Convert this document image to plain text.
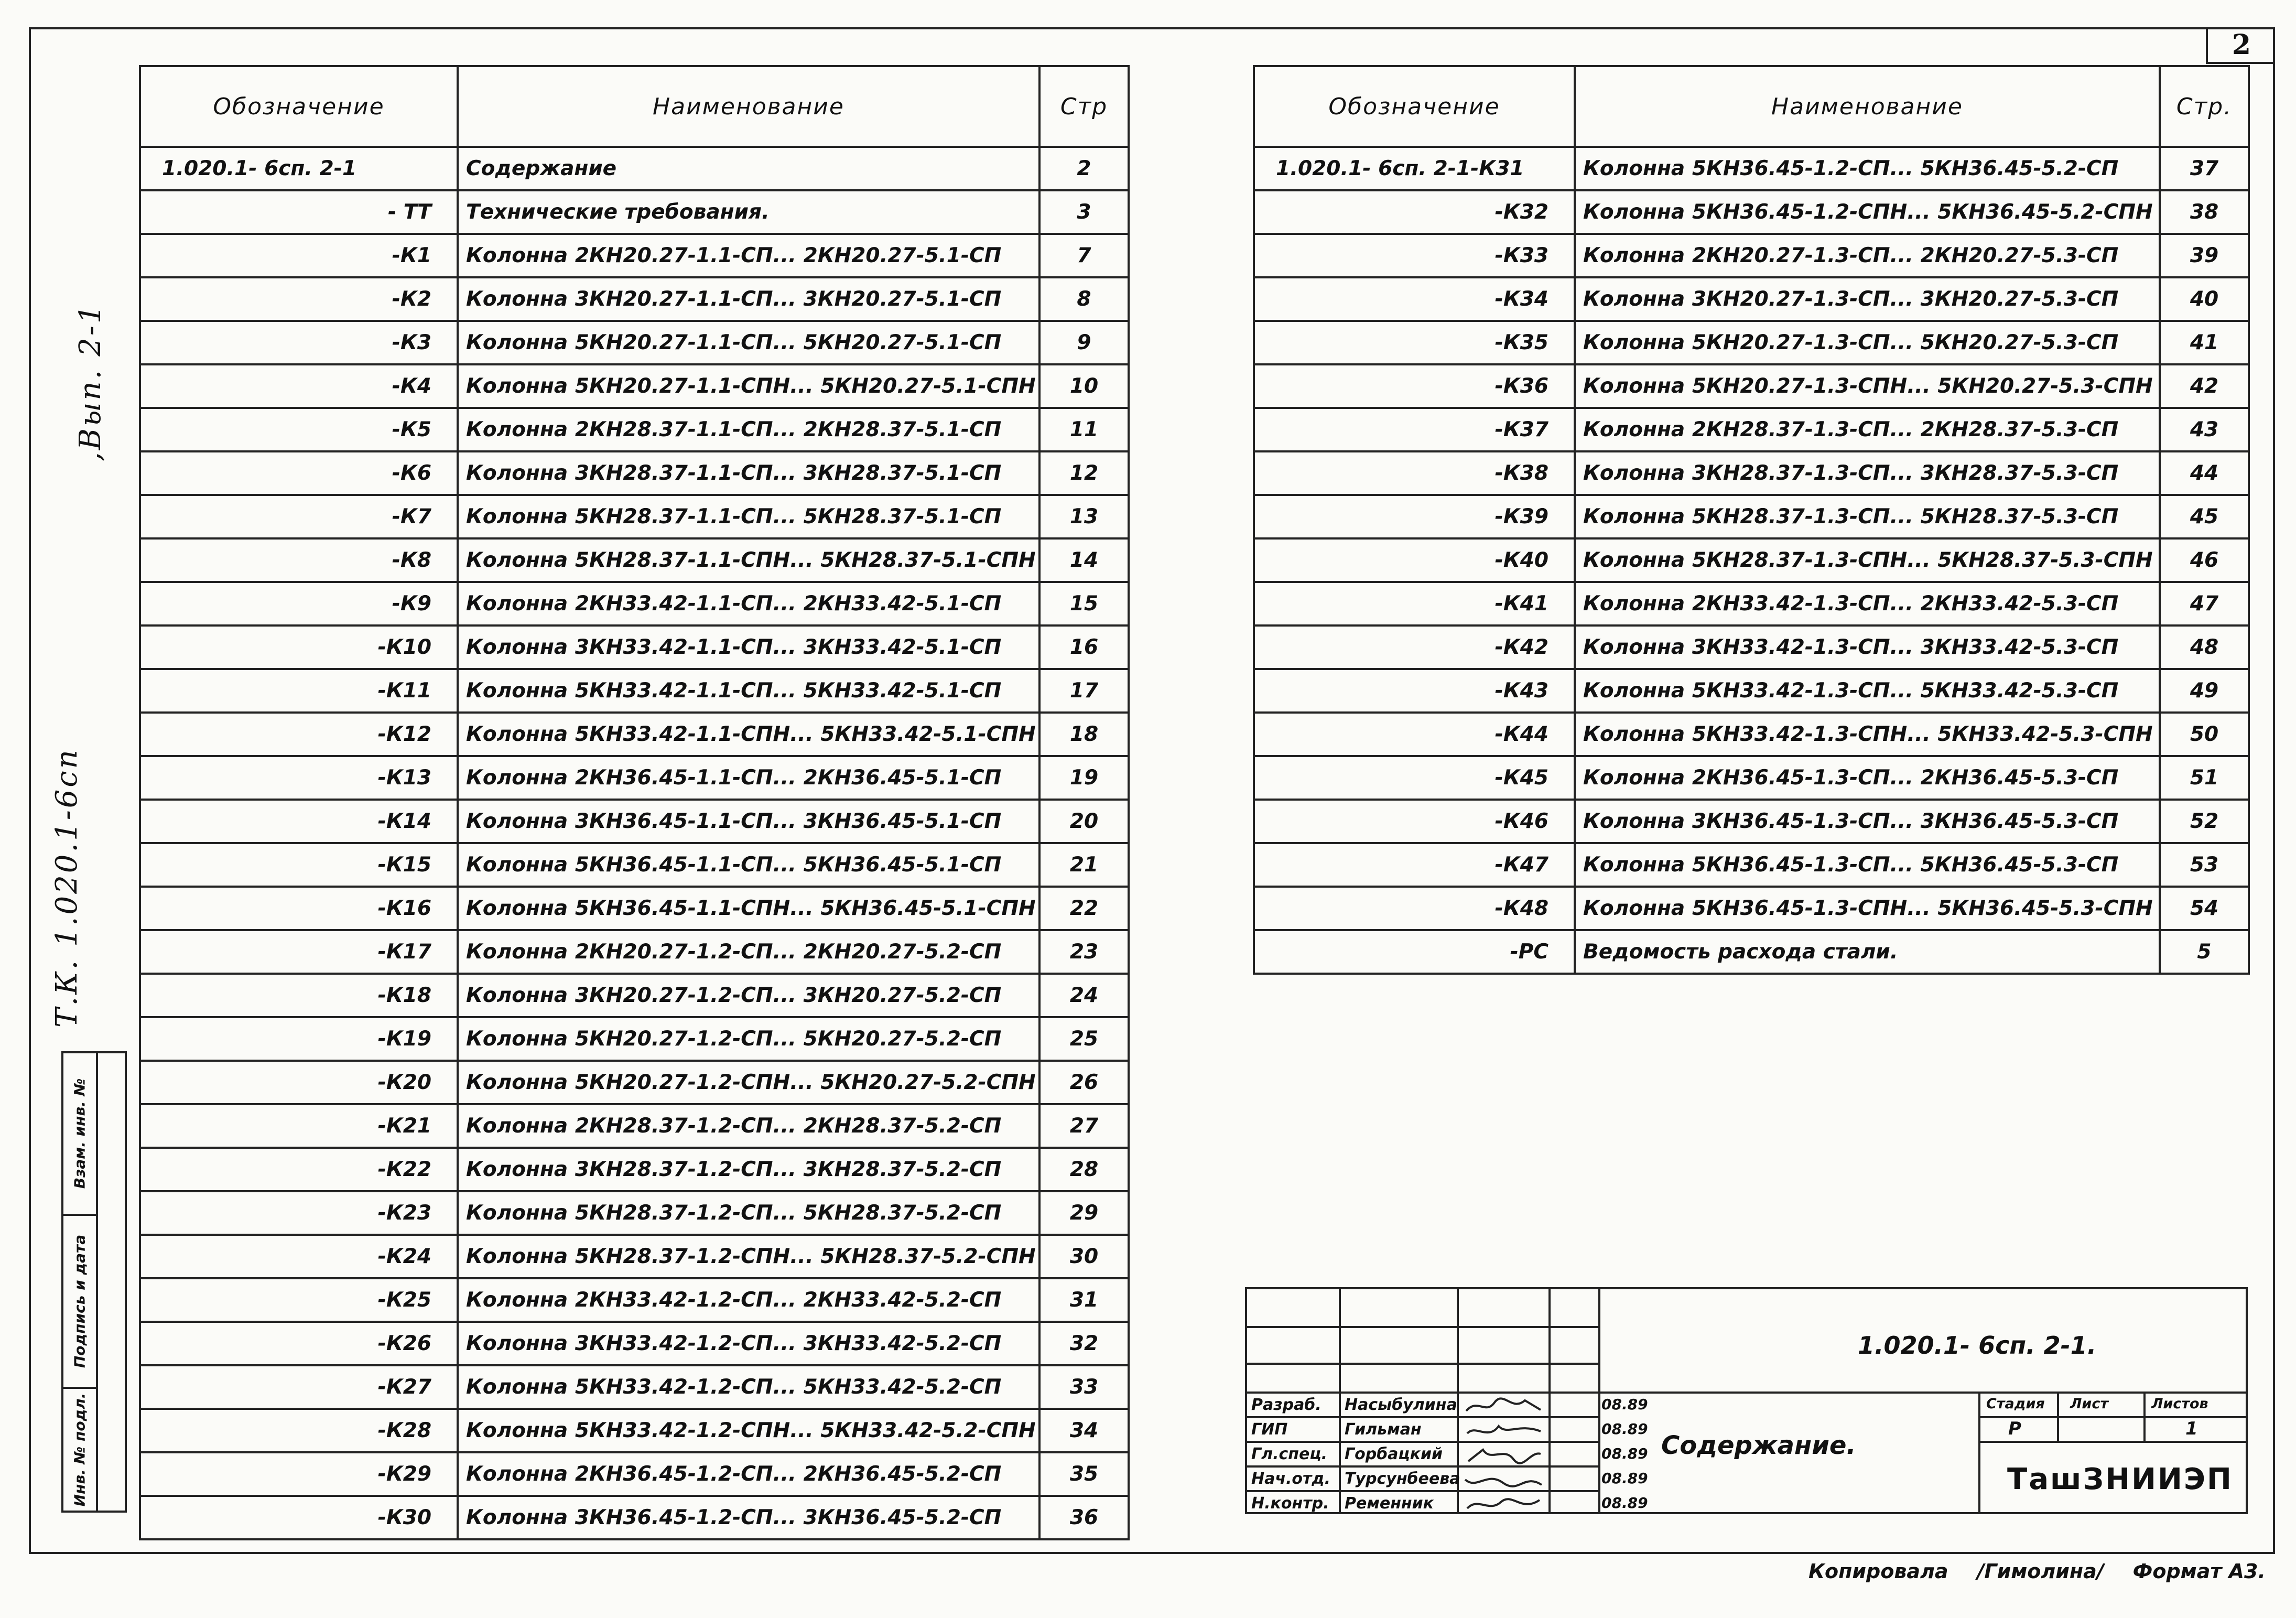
2
Т.К. 1.020.1-6сп
,Вып. 2-1
Взам. инв. №
Подпись и дата
Инв. № подл.
Обозначение	Наименование	Стр
1.020.1- 6сп. 2-1	Содержание	2
- ТТ	Технические требования.	3
-К1	Колонна 2КН20.27-1.1-СП... 2КН20.27-5.1-СП	7
-К2	Колонна 3КН20.27-1.1-СП... 3КН20.27-5.1-СП	8
-К3	Колонна 5КН20.27-1.1-СП... 5КН20.27-5.1-СП	9
-К4	Колонна 5КН20.27-1.1-СПН... 5КН20.27-5.1-СПН	10
-К5	Колонна 2КН28.37-1.1-СП... 2КН28.37-5.1-СП	11
-К6	Колонна 3КН28.37-1.1-СП... 3КН28.37-5.1-СП	12
-К7	Колонна 5КН28.37-1.1-СП... 5КН28.37-5.1-СП	13
-К8	Колонна 5КН28.37-1.1-СПН... 5КН28.37-5.1-СПН	14
-К9	Колонна 2КН33.42-1.1-СП... 2КН33.42-5.1-СП	15
-К10	Колонна 3КН33.42-1.1-СП... 3КН33.42-5.1-СП	16
-К11	Колонна 5КН33.42-1.1-СП... 5КН33.42-5.1-СП	17
-К12	Колонна 5КН33.42-1.1-СПН... 5КН33.42-5.1-СПН	18
-К13	Колонна 2КН36.45-1.1-СП... 2КН36.45-5.1-СП	19
-К14	Колонна 3КН36.45-1.1-СП... 3КН36.45-5.1-СП	20
-К15	Колонна 5КН36.45-1.1-СП... 5КН36.45-5.1-СП	21
-К16	Колонна 5КН36.45-1.1-СПН... 5КН36.45-5.1-СПН	22
-К17	Колонна 2КН20.27-1.2-СП... 2КН20.27-5.2-СП	23
-К18	Колонна 3КН20.27-1.2-СП... 3КН20.27-5.2-СП	24
-К19	Колонна 5КН20.27-1.2-СП... 5КН20.27-5.2-СП	25
-К20	Колонна 5КН20.27-1.2-СПН... 5КН20.27-5.2-СПН	26
-К21	Колонна 2КН28.37-1.2-СП... 2КН28.37-5.2-СП	27
-К22	Колонна 3КН28.37-1.2-СП... 3КН28.37-5.2-СП	28
-К23	Колонна 5КН28.37-1.2-СП... 5КН28.37-5.2-СП	29
-К24	Колонна 5КН28.37-1.2-СПН... 5КН28.37-5.2-СПН	30
-К25	Колонна 2КН33.42-1.2-СП... 2КН33.42-5.2-СП	31
-К26	Колонна 3КН33.42-1.2-СП... 3КН33.42-5.2-СП	32
-К27	Колонна 5КН33.42-1.2-СП... 5КН33.42-5.2-СП	33
-К28	Колонна 5КН33.42-1.2-СПН... 5КН33.42-5.2-СПН	34
-К29	Колонна 2КН36.45-1.2-СП... 2КН36.45-5.2-СП	35
-К30	Колонна 3КН36.45-1.2-СП... 3КН36.45-5.2-СП	36
Обозначение	Наименование	Стр.
1.020.1- 6сп. 2-1-К31	Колонна 5КН36.45-1.2-СП... 5КН36.45-5.2-СП	37
-К32	Колонна 5КН36.45-1.2-СПН... 5КН36.45-5.2-СПН	38
-К33	Колонна 2КН20.27-1.3-СП... 2КН20.27-5.3-СП	39
-К34	Колонна 3КН20.27-1.3-СП... 3КН20.27-5.3-СП	40
-К35	Колонна 5КН20.27-1.3-СП... 5КН20.27-5.3-СП	41
-К36	Колонна 5КН20.27-1.3-СПН... 5КН20.27-5.3-СПН	42
-К37	Колонна 2КН28.37-1.3-СП... 2КН28.37-5.3-СП	43
-К38	Колонна 3КН28.37-1.3-СП... 3КН28.37-5.3-СП	44
-К39	Колонна 5КН28.37-1.3-СП... 5КН28.37-5.3-СП	45
-К40	Колонна 5КН28.37-1.3-СПН... 5КН28.37-5.3-СПН	46
-К41	Колонна 2КН33.42-1.3-СП... 2КН33.42-5.3-СП	47
-К42	Колонна 3КН33.42-1.3-СП... 3КН33.42-5.3-СП	48
-К43	Колонна 5КН33.42-1.3-СП... 5КН33.42-5.3-СП	49
-К44	Колонна 5КН33.42-1.3-СПН... 5КН33.42-5.3-СПН	50
-К45	Колонна 2КН36.45-1.3-СП... 2КН36.45-5.3-СП	51
-К46	Колонна 3КН36.45-1.3-СП... 3КН36.45-5.3-СП	52
-К47	Колонна 5КН36.45-1.3-СП... 5КН36.45-5.3-СП	53
-К48	Колонна 5КН36.45-1.3-СПН... 5КН36.45-5.3-СПН	54
-РС	Ведомость расхода стали.	5
1.020.1- 6сп. 2-1.
Содержание.
Стадия Лист	Листов
Р	1
ТашЗНИИЭП
Разраб. Насыбулина	08.89
ГИП	Гильман	08.89
Гл.спец. Горбацкий	08.89
Нач.отд. Турсунбеева	08.89
Н.контр. Ременник	08.89
Копировала /Гимолина/ Формат А3.
